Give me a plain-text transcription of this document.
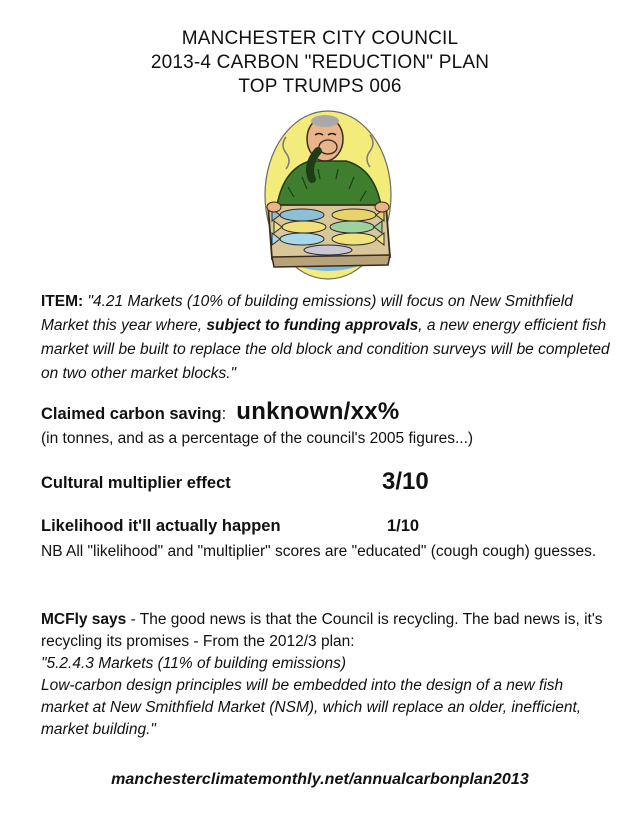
MANCHESTER CITY COUNCIL
2013-4 CARBON "REDUCTION" PLAN
TOP TRUMPS 006
ITEM: "4.21 Markets (10% of building emissions) will focus on New Smithfield Market this year where, subject to funding approvals, a new energy efficient fish market will be built to replace the old block and condition surveys will be completed on two other market blocks."
Claimed carbon saving : unknown/xx%
(in tonnes, and as a percentage of the council's 2005 figures...)
Cultural multiplier effect	3/10
Likelihood it'll actually happen	1/10
NB All "likelihood" and "multiplier" scores are "educated" (cough cough) guesses.
MCFly says - The good news is that the Council is recycling. The bad news is, it's recycling its promises - From the 2012/3 plan:
"5.2.4.3 Markets (11% of building emissions)
Low-carbon design principles will be embedded into the design of a new fish market at New Smithfield Market (NSM), which will replace an older, inefficient, market building."
manchesterclimatemonthly.net/annualcarbonplan2013
